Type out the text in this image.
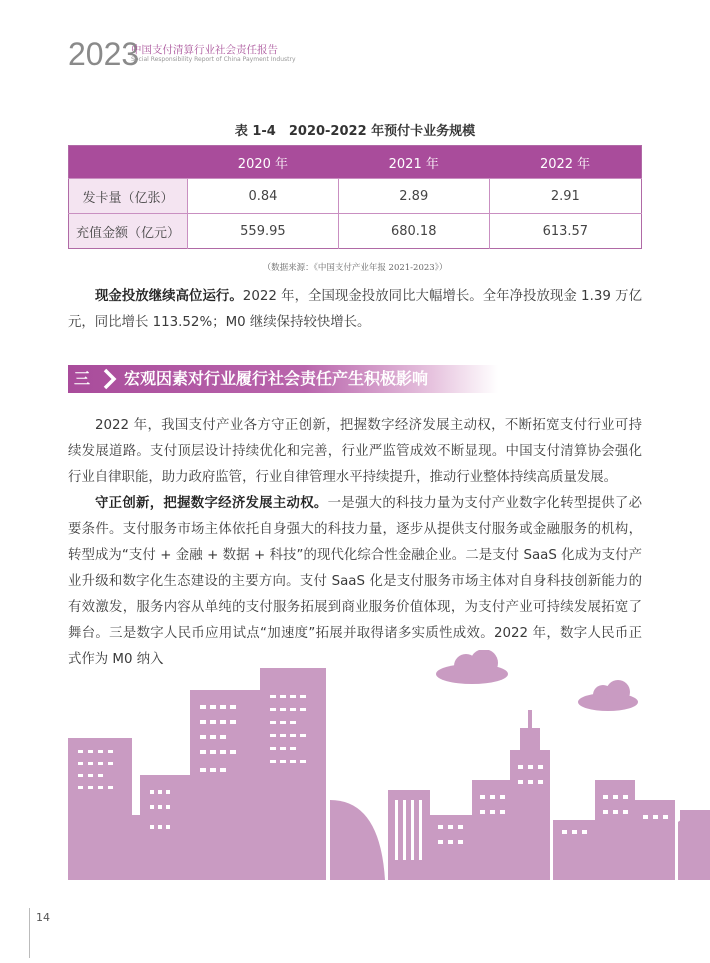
2023
中国支付清算行业社会责任报告
Social Responsibility Report of China Payment Industry
表 1-4　2020-2022 年预付卡业务规模
	2020 年	2021 年	2022 年
发卡量（亿张）	0.84	2.89	2.91
充值金额（亿元）	559.95	680.18	613.57
（数据来源：《中国支付产业年报 2021-2023》）
现金投放继续高位运行。2022 年，全国现金投放同比大幅增长。全年净投放现金 1.39 万亿元，同比增长 113.52%；M0 继续保持较快增长。
三	宏观因素对行业履行社会责任产生积极影响
2022 年，我国支付产业各方守正创新，把握数字经济发展主动权，不断拓宽支付行业可持续发展道路。支付顶层设计持续优化和完善，行业严监管成效不断显现。中国支付清算协会强化行业自律职能，助力政府监管，行业自律管理水平持续提升，推动行业整体持续高质量发展。
守正创新，把握数字经济发展主动权。一是强大的科技力量为支付产业数字化转型提供了必要条件。支付服务市场主体依托自身强大的科技力量，逐步从提供支付服务或金融服务的机构，转型成为“支付 + 金融 + 数据 + 科技”的现代化综合性金融企业。二是支付 SaaS 化成为支付产业升级和数字化生态建设的主要方向。支付 SaaS 化是支付服务市场主体对自身科技创新能力的有效激发，服务内容从单纯的支付服务拓展到商业服务价值体现，为支付产业可持续发展拓宽了舞台。三是数字人民币应用试点“加速度”拓展并取得诸多实质性成效。2022 年，数字人民币正式作为 M0 纳入
14
